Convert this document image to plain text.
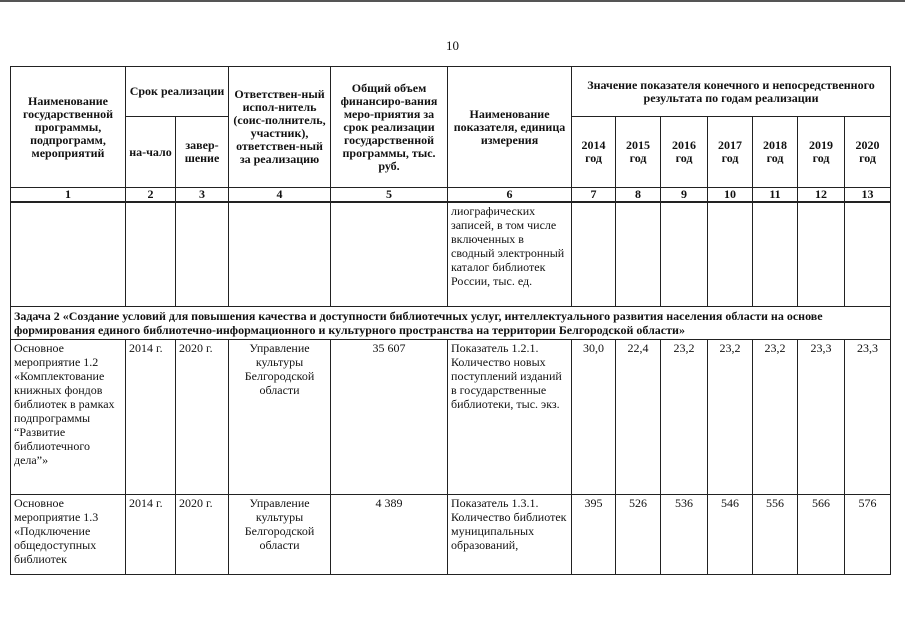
10
Наименование государственной программы, подпрограмм, мероприятий	Срок реализации		Ответствен-ный испол-нитель (соис-полнитель, участник), ответствен-ный за реализацию	Общий объем финансиро-вания меро-приятия за срок реализации государственной программы, тыс. руб.	Наименование показателя, единица измерения	Значение показателя конечного и непосредственного результата по годам реализации						
	на-чало	завер-шение				2014 год	2015 год	2016 год	2017 год	2018 год	2019 год	2020 год
1	2	3	4	5	6	7	8	9	10	11	12	13
					лиографических записей, в том числе включенных в сводный электронный каталог библиотек России, тыс. ед.							
Задача 2 «Создание условий для повышения качества и доступности библиотечных услуг, интеллектуального развития населения области на основе формирования единого библиотечно-информационного и культурного пространства на территории Белгородской области»												
Основное мероприятие 1.2 «Комплектование книжных фондов библиотек в рамках подпрограммы “Развитие библиотечного дела”»	2014 г.	2020 г.	Управление культуры Белгородской области	35 607	Показатель 1.2.1. Количество новых поступлений изданий в государственные библиотеки, тыс. экз.	30,0	22,4	23,2	23,2	23,2	23,3	23,3
Основное мероприятие 1.3 «Подключение общедоступных библиотек	2014 г.	2020 г.	Управление культуры Белгородской области	4 389	Показатель 1.3.1. Количество библиотек муниципальных образований,	395	526	536	546	556	566	576
